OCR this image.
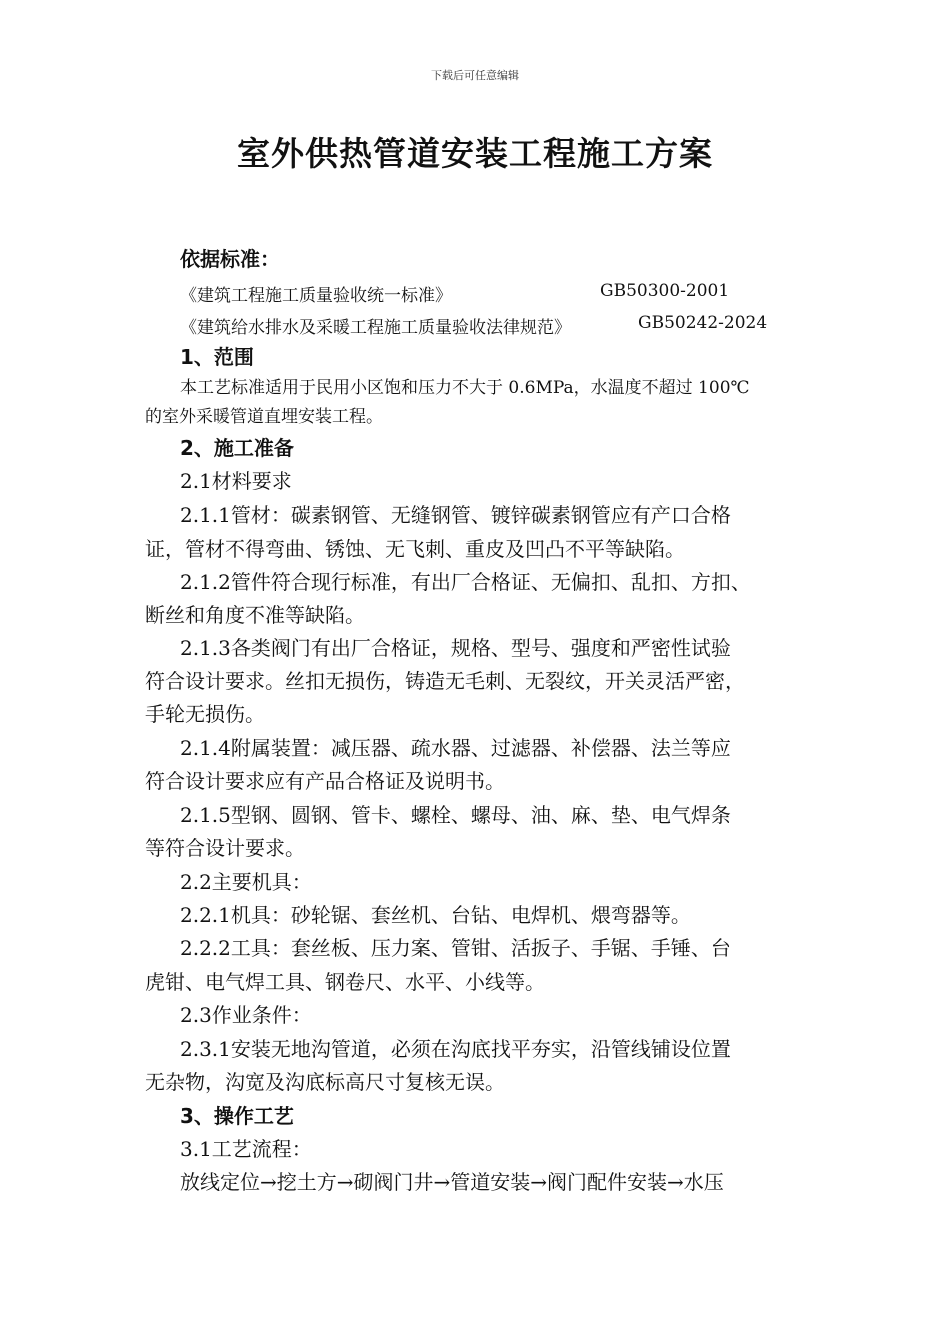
下载后可任意编辑
室外供热管道安装工程施工方案
依据标准：
《建筑工程施工质量验收统一标准》	GB50300-2001
《建筑给水排水及采暖工程施工质量验收法律规范》	GB50242-2024
1、范围
本工艺标准适用于民用小区饱和压力不大于 0.6MPa，水温度不超过 100℃
的室外采暖管道直埋安装工程。
2、施工准备
2.1材料要求
2.1.1管材：碳素钢管、无缝钢管、镀锌碳素钢管应有产口合格
证，管材不得弯曲、锈蚀、无飞刺、重皮及凹凸不平等缺陷。
2.1.2管件符合现行标准，有出厂合格证、无偏扣、乱扣、方扣、
断丝和角度不准等缺陷。
2.1.3各类阀门有出厂合格证，规格、型号、强度和严密性试验
符合设计要求。丝扣无损伤，铸造无毛刺、无裂纹，开关灵活严密，
手轮无损伤。
2.1.4附属装置：减压器、疏水器、过滤器、补偿器、法兰等应
符合设计要求应有产品合格证及说明书。
2.1.5型钢、圆钢、管卡、螺栓、螺母、油、麻、垫、电气焊条
等符合设计要求。
2.2主要机具：
2.2.1机具：砂轮锯、套丝机、台钻、电焊机、煨弯器等。
2.2.2工具：套丝板、压力案、管钳、活扳子、手锯、手锤、台
虎钳、电气焊工具、钢卷尺、水平、小线等。
2.3作业条件：
2.3.1安装无地沟管道，必须在沟底找平夯实，沿管线铺设位置
无杂物，沟宽及沟底标高尺寸复核无误。
3、操作工艺
3.1工艺流程：
放线定位→挖土方→砌阀门井→管道安装→阀门配件安装→水压
